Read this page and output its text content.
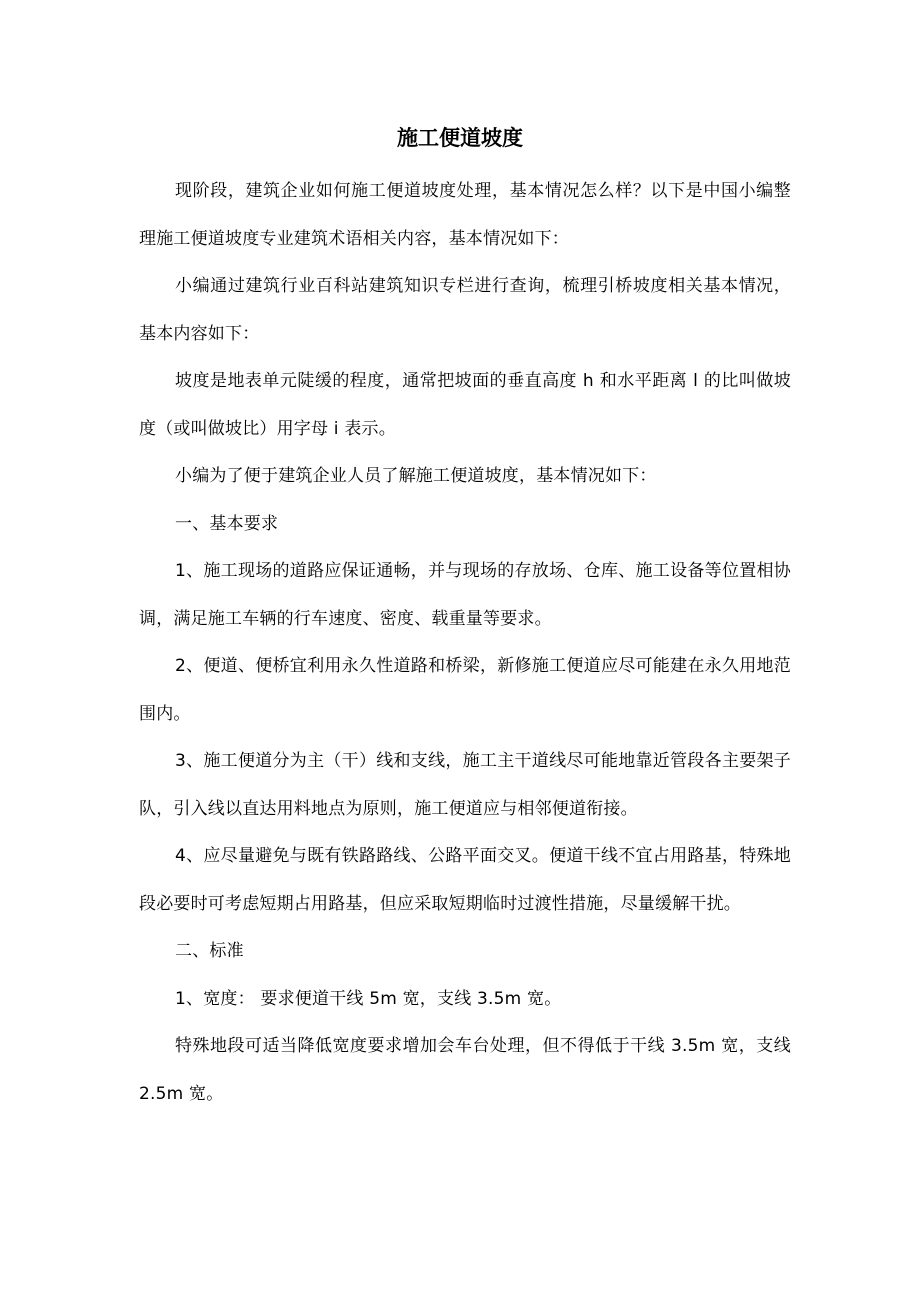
施工便道坡度

现阶段，建筑企业如何施工便道坡度处理，基本情况怎么样？以下是中国小编整理施工便道坡度专业建筑术语相关内容，基本情况如下：

小编通过建筑行业百科站建筑知识专栏进行查询，梳理引桥坡度相关基本情况，基本内容如下：

坡度是地表单元陡缓的程度，通常把坡面的垂直高度 h 和水平距离 l 的比叫做坡度（或叫做坡比）用字母 i 表示。

小编为了便于建筑企业人员了解施工便道坡度，基本情况如下：

一、基本要求

1、施工现场的道路应保证通畅，并与现场的存放场、仓库、施工设备等位置相协调，满足施工车辆的行车速度、密度、载重量等要求。

2、便道、便桥宜利用永久性道路和桥梁，新修施工便道应尽可能建在永久用地范围内。

3、施工便道分为主（干）线和支线，施工主干道线尽可能地靠近管段各主要架子队，引入线以直达用料地点为原则，施工便道应与相邻便道衔接。

4、应尽量避免与既有铁路路线、公路平面交叉。便道干线不宜占用路基，特殊地段必要时可考虑短期占用路基，但应采取短期临时过渡性措施，尽量缓解干扰。

二、标准

1、宽度： 要求便道干线 5m 宽，支线 3.5m 宽。

特殊地段可适当降低宽度要求增加会车台处理，但不得低于干线 3.5m 宽，支线 2.5m 宽。
